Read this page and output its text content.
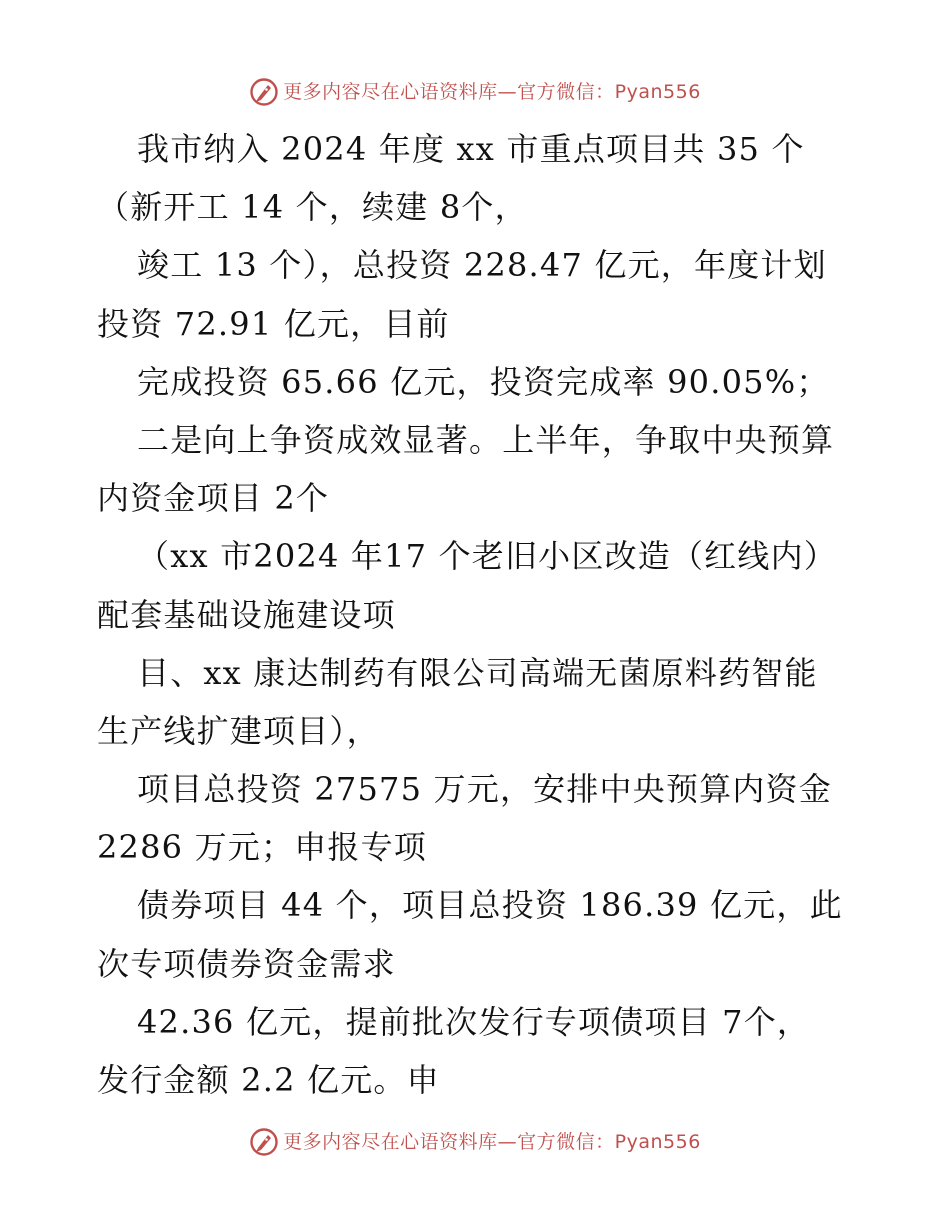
更多内容尽在心语资料库—官方微信：Pyan556
我市纳入 2024 年度 xx 市重点项目共 35 个
（新开工 14 个，续建 8个，
竣工 13 个），总投资 228.47 亿元，年度计划
投资 72.91 亿元，目前
完成投资 65.66 亿元，投资完成率 90.05%；
二是向上争资成效显著。上半年，争取中央预算
内资金项目 2个
（xx 市2024 年17 个老旧小区改造（红线内）
配套基础设施建设项
目、xx 康达制药有限公司高端无菌原料药智能
生产线扩建项目），
项目总投资 27575 万元，安排中央预算内资金
2286 万元；申报专项
债券项目 44 个，项目总投资 186.39 亿元，此
次专项债券资金需求
42.36 亿元，提前批次发行专项债项目 7个，
发行金额 2.2 亿元。申
更多内容尽在心语资料库—官方微信：Pyan556
